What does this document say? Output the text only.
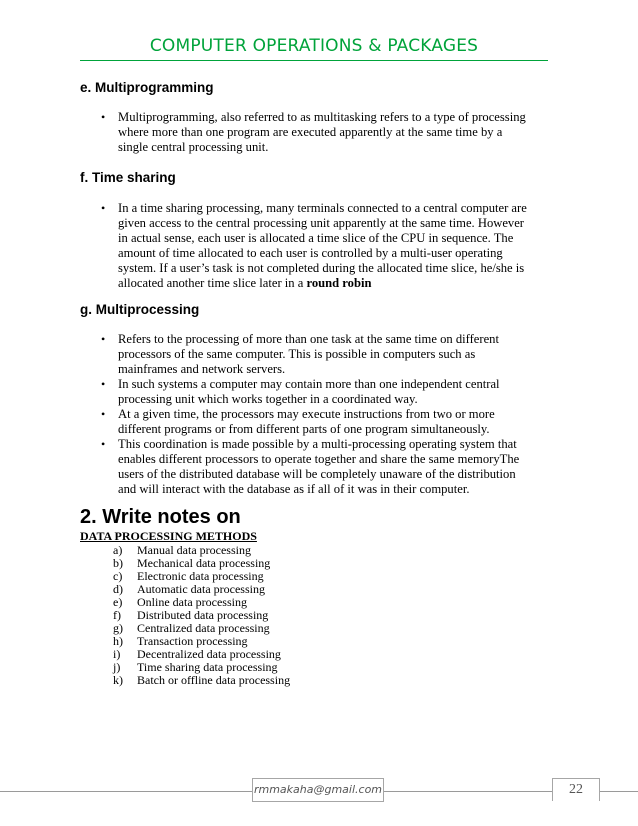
COMPUTER OPERATIONS & PACKAGES
e. Multiprogramming
• Multiprogramming, also referred to as multitasking refers to a type of processing
where more than one program are executed apparently at the same time by a
single central processing unit.
f. Time sharing
• In a time sharing processing, many terminals connected to a central computer are
given access to the central processing unit apparently at the same time. However
in actual sense, each user is allocated a time slice of the CPU in sequence. The
amount of time allocated to each user is controlled by a multi-user operating
system. If a user’s task is not completed during the allocated time slice, he/she is
allocated another time slice later in a round robin
g. Multiprocessing
• Refers to the processing of more than one task at the same time on different
processors of the same computer. This is possible in computers such as
mainframes and network servers.
• In such systems a computer may contain more than one independent central
processing unit which works together in a coordinated way.
• At a given time, the processors may execute instructions from two or more
different programs or from different parts of one program simultaneously.
• This coordination is made possible by a multi-processing operating system that
enables different processors to operate together and share the same memoryThe
users of the distributed database will be completely unaware of the distribution
and will interact with the database as if all of it was in their computer.
2. Write notes on
DATA PROCESSING METHODS
a) Manual data processing
b) Mechanical data processing
c) Electronic data processing
d) Automatic data processing
e) Online data processing
f) Distributed data processing
g) Centralized data processing
h) Transaction processing
i) Decentralized data processing
j) Time sharing data processing
k) Batch or offline data processing
rmmakaha@gmail.com	22
